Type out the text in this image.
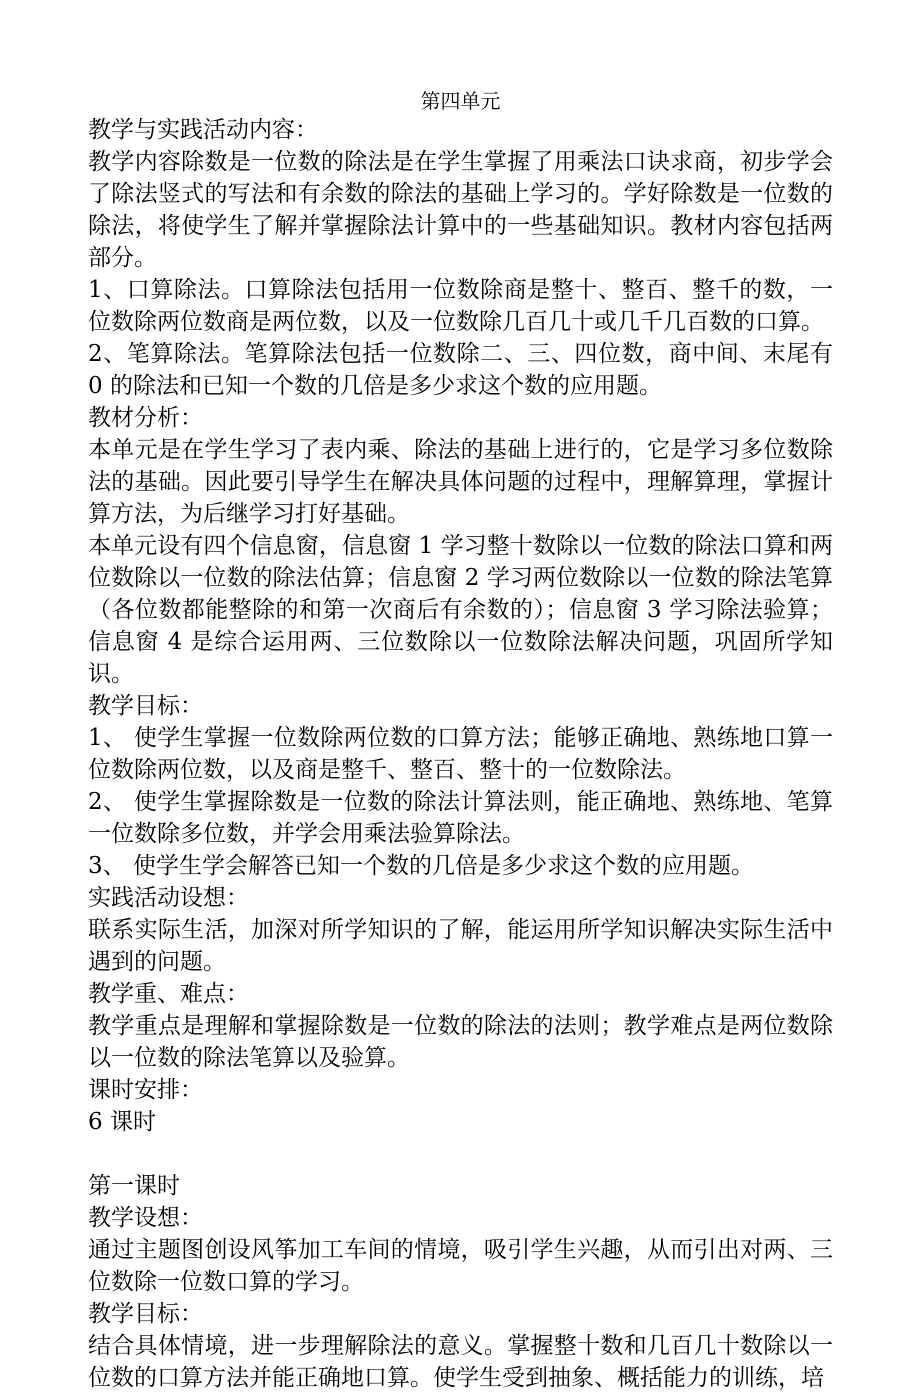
第四单元

教学与实践活动内容：

教学内容除数是一位数的除法是在学生掌握了用乘法口诀求商，初步学会了除法竖式的写法和有余数的除法的基础上学习的。学好除数是一位数的除法，将使学生了解并掌握除法计算中的一些基础知识。教材内容包括两部分。

1、口算除法。口算除法包括用一位数除商是整十、整百、整千的数，一位数除两位数商是两位数，以及一位数除几百几十或几千几百数的口算。

2、笔算除法。笔算除法包括一位数除二、三、四位数，商中间、末尾有 0 的除法和已知一个数的几倍是多少求这个数的应用题。

教材分析：

本单元是在学生学习了表内乘、除法的基础上进行的，它是学习多位数除法的基础。因此要引导学生在解决具体问题的过程中，理解算理，掌握计算方法，为后继学习打好基础。

本单元设有四个信息窗，信息窗 1 学习整十数除以一位数的除法口算和两位数除以一位数的除法估算；信息窗 2 学习两位数除以一位数的除法笔算（各位数都能整除的和第一次商后有余数的）；信息窗 3 学习除法验算；信息窗 4 是综合运用两、三位数除以一位数除法解决问题，巩固所学知识。

教学目标：

1、 使学生掌握一位数除两位数的口算方法；能够正确地、熟练地口算一位数除两位数，以及商是整千、整百、整十的一位数除法。

2、 使学生掌握除数是一位数的除法计算法则，能正确地、熟练地、笔算一位数除多位数，并学会用乘法验算除法。

3、 使学生学会解答已知一个数的几倍是多少求这个数的应用题。

实践活动设想：

联系实际生活，加深对所学知识的了解，能运用所学知识解决实际生活中遇到的问题。

教学重、难点：

教学重点是理解和掌握除数是一位数的除法的法则；教学难点是两位数除以一位数的除法笔算以及验算。

课时安排：

6 课时

第一课时

教学设想：

通过主题图创设风筝加工车间的情境，吸引学生兴趣，从而引出对两、三位数除一位数口算的学习。

教学目标：

结合具体情境，进一步理解除法的意义。掌握整十数和几百几十数除以一位数的口算方法并能正确地口算。使学生受到抽象、概括能力的训练，培
